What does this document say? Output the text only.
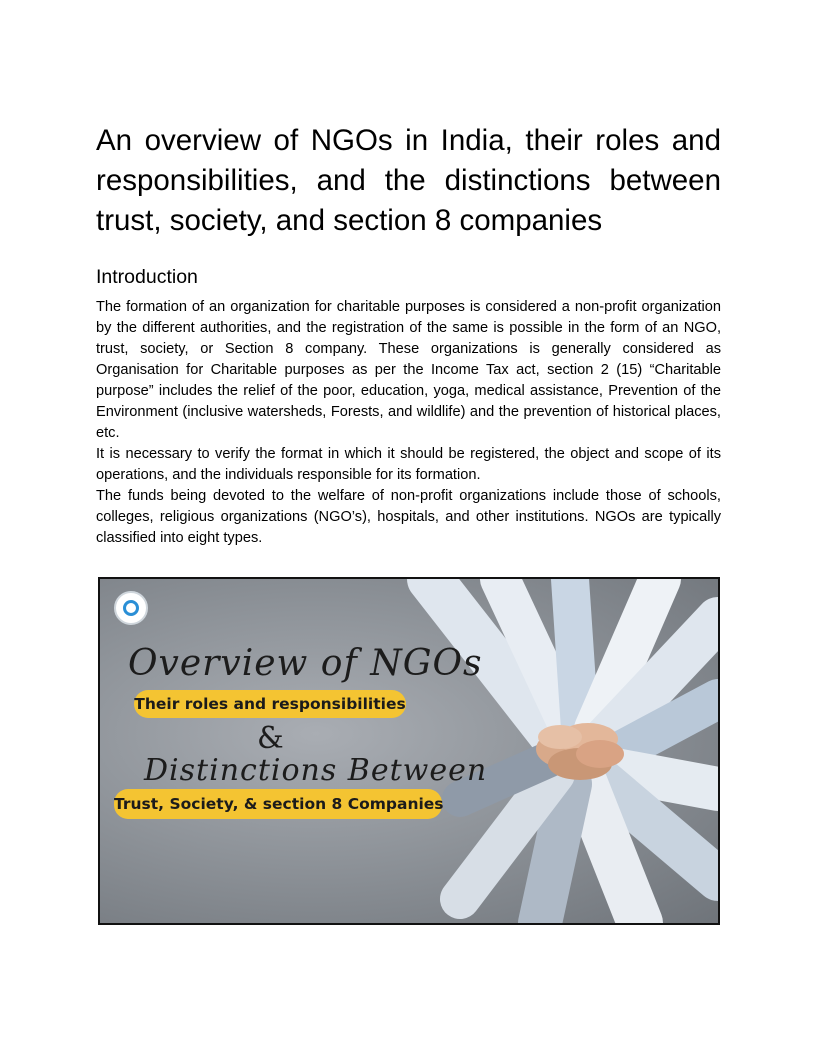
An overview of NGOs in India, their roles and responsibilities, and the distinctions between trust, society, and section 8 companies
Introduction

The formation of an organization for charitable purposes is considered a non-profit organization by the different authorities, and the registration of the same is possible in the form of an NGO, trust, society, or Section 8 company. These organizations is generally considered as Organisation for Charitable purposes as per the Income Tax act, section 2 (15) “Charitable purpose” includes the relief of the poor, education, yoga, medical assistance, Prevention of the Environment (inclusive watersheds, Forests, and wildlife) and the prevention of historical places, etc.

It is necessary to verify the format in which it should be registered, the object and scope of its operations, and the individuals responsible for its formation.

The funds being devoted to the welfare of non-profit organizations include those of schools, colleges, religious organizations (NGO’s), hospitals, and other institutions. NGOs are typically classified into eight types.

Overview of NGOs
Their roles and responsibilities
&
Distinctions Between
Trust, Society, & section 8 Companies
